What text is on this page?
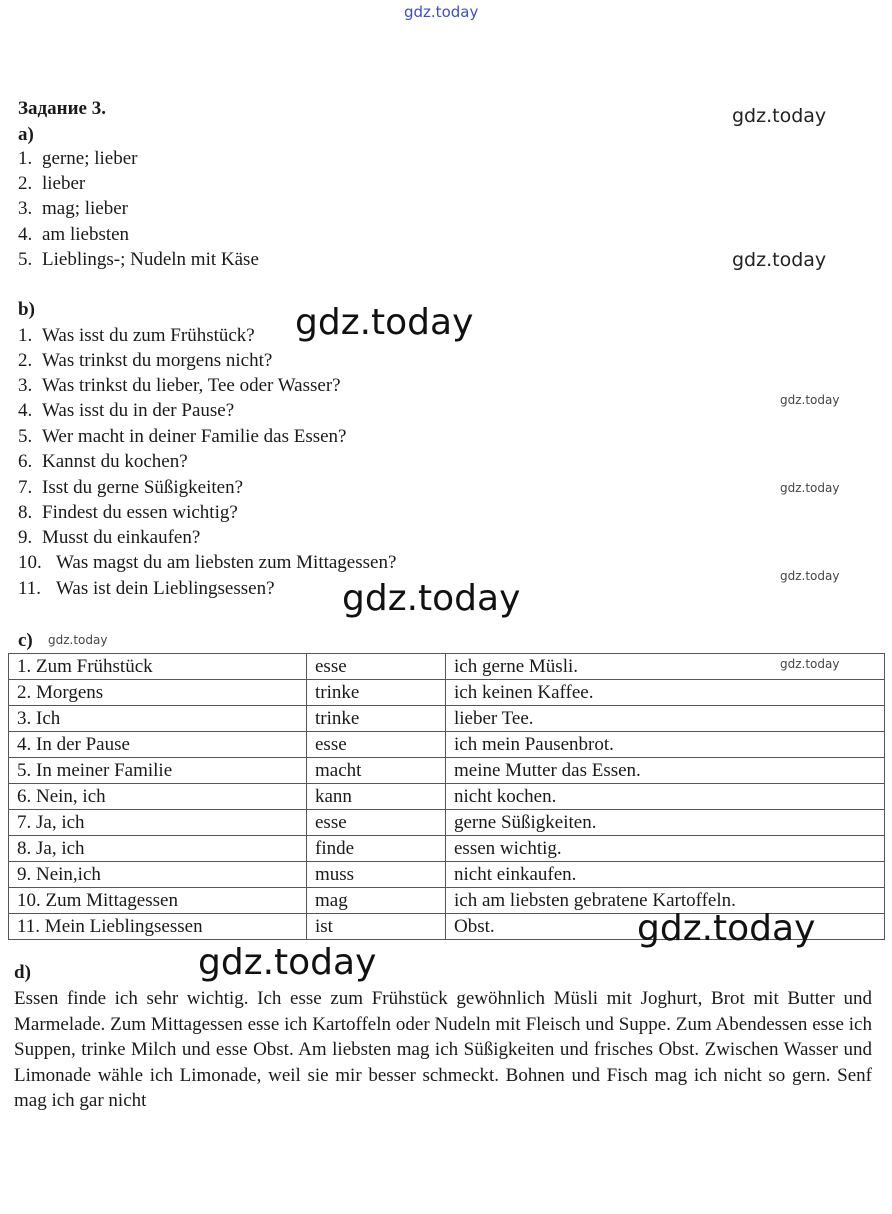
gdz.today
gdz.today
gdz.today
gdz.today
gdz.today
gdz.today
gdz.today
gdz.today
gdz.today
gdz.today
Задание 3.
a)
1. gerne; lieber
2. lieber
3. mag; lieber
4. am liebsten
5. Lieblings-; Nudeln mit Käse
b)
1. Was isst du zum Frühstück?
2. Was trinkst du morgens nicht?
3. Was trinkst du lieber, Tee oder Wasser?
4. Was isst du in der Pause?
5. Wer macht in deiner Familie das Essen?
6. Kannst du kochen?
7. Isst du gerne Süßigkeiten?
8. Findest du essen wichtig?
9. Musst du einkaufen?
10. Was magst du am liebsten zum Mittagessen?
11. Was ist dein Lieblingsessen?
c)
1. Zum Frühstück	esse	ich gerne Müsli.
2. Morgens	trinke	ich keinen Kaffee.
3. Ich	trinke	lieber Tee.
4. In der Pause	esse	ich mein Pausenbrot.
5. In meiner Familie	macht	meine Mutter das Essen.
6. Nein, ich	kann	nicht kochen.
7. Ja, ich	esse	gerne Süßigkeiten.
8. Ja, ich	finde	essen wichtig.
9. Nein,ich	muss	nicht einkaufen.
10. Zum Mittagessen	mag	ich am liebsten gebratene Kartoffeln.
11. Mein Lieblingsessen	ist	Obst.
d)
Essen finde ich sehr wichtig. Ich esse zum Frühstück gewöhnlich Müsli mit Joghurt, Brot mit Butter und Marmelade. Zum Mittagessen esse ich Kartoffeln oder Nudeln mit Fleisch und Suppe. Zum Abendessen esse ich Suppen, trinke Milch und esse Obst. Am liebsten mag ich Süßigkeiten und frisches Obst. Zwischen Wasser und Limonade wähle ich Limonade, weil sie mir besser schmeckt. Bohnen und Fisch mag ich nicht so gern. Senf mag ich gar nicht
gdz.today
gdz.today
